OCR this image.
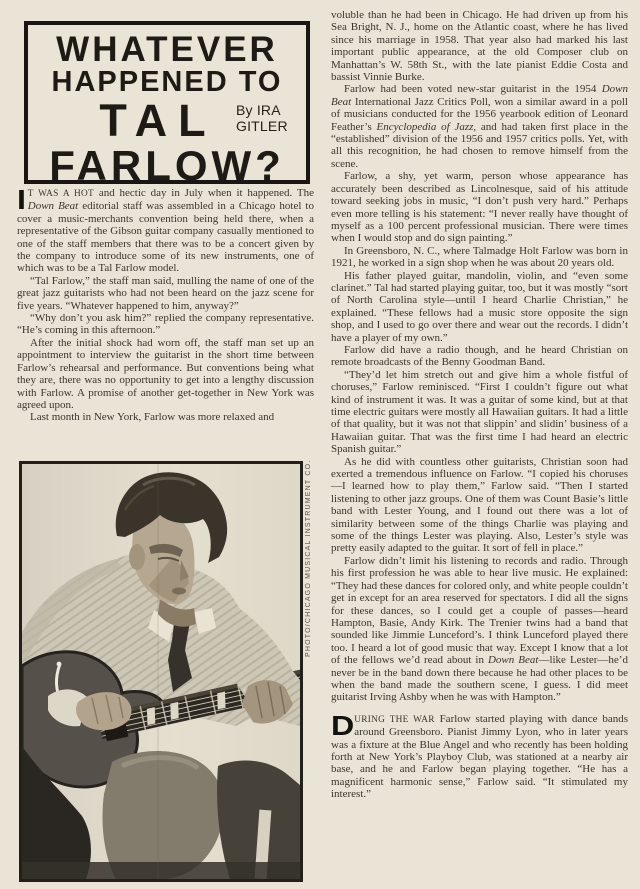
WHATEVER
HAPPENED TO
TAL	By IRA GITLER
FARLOW?

I T WAS A HOT and hectic day in July when it happened. The Down Beat editorial staff was assembled in a Chicago hotel to cover a music-merchants convention being held there, when a representative of the Gibson guitar company casually mentioned to one of the staff members that there was to be a concert given by the company to introduce some of its new instruments, one of which was to be a Tal Farlow model.

“Tal Farlow,” the staff man said, mulling the name of one of the great jazz guitarists who had not been heard on the jazz scene for five years. “Whatever happened to him, anyway?”

“Why don’t you ask him?” replied the company representative. “He’s coming in this afternoon.”

After the initial shock had worn off, the staff man set up an appointment to interview the guitarist in the short time between Farlow’s rehearsal and performance. But conventions being what they are, there was no opportunity to get into a lengthy discussion with Farlow. A promise of another get-together in New York was agreed upon.

Last month in New York, Farlow was more relaxed and

PHOTO/CHICAGO MUSICAL INSTRUMENT CO.

voluble than he had been in Chicago. He had driven up from his Sea Bright, N. J., home on the Atlantic coast, where he has lived since his marriage in 1958. That year also had marked his last important public appearance, at the old Composer club on Manhattan’s W. 58th St., with the late pianist Eddie Costa and bassist Vinnie Burke.

Farlow had been voted new-star guitarist in the 1954 Down Beat International Jazz Critics Poll, won a similar award in a poll of musicians conducted for the 1956 yearbook edition of Leonard Feather’s Encyclopedia of Jazz, and had taken first place in the “established” division of the 1956 and 1957 critics polls. Yet, with all this recognition, he had chosen to remove himself from the scene.

Farlow, a shy, yet warm, person whose appearance has accurately been described as Lincolnesque, said of his attitude toward seeking jobs in music, “I don’t push very hard.” Perhaps even more telling is his statement: “I never really have thought of myself as a 100 percent professional musician. There were times when I would stop and do sign painting.”

In Greensboro, N. C., where Talmadge Holt Farlow was born in 1921, he worked in a sign shop when he was about 20 years old.

His father played guitar, mandolin, violin, and “even some clarinet.” Tal had started playing guitar, too, but it was mostly “sort of North Carolina style—until I heard Charlie Christian,” he explained. “These fellows had a music store opposite the sign shop, and I used to go over there and wear out the records. I didn’t have a player of my own.”

Farlow did have a radio though, and he heard Christian on remote broadcasts of the Benny Goodman Band.

“They’d let him stretch out and give him a whole fistful of choruses,” Farlow reminisced. “First I couldn’t figure out what kind of instrument it was. It was a guitar of some kind, but at that time electric guitars were mostly all Hawaiian guitars. It had a little of that quality, but it was not that slippin’ and slidin’ business of a Hawaiian guitar. That was the first time I had heard an electric Spanish guitar.”

As he did with countless other guitarists, Christian soon had exerted a tremendous influence on Farlow. “I copied his choruses—I learned how to play them,” Farlow said. “Then I started listening to other jazz groups. One of them was Count Basie’s little band with Lester Young, and I found out there was a lot of similarity between some of the things Charlie was playing and some of the things Lester was playing. Also, Lester’s style was pretty easily adapted to the guitar. It sort of fell in place.”

Farlow didn’t limit his listening to records and radio. Through his first profession he was able to hear live music. He explained: “They had these dances for colored only, and white people couldn’t get in except for an area reserved for spectators. I did all the signs for these dances, so I could get a couple of passes—heard Hampton, Basie, Andy Kirk. The Trenier twins had a band that sounded like Jimmie Lunceford’s. I think Lunceford played there too. I heard a lot of good music that way. Except I know that a lot of the fellows we’d read about in Down Beat—like Lester—he’d never be in the band down there because he had other places to be when the band made the southern scene, I guess. I did meet guitarist Irving Ashby when he was with Hampton.”

DURING THE WAR Farlow started playing with dance bands around Greensboro. Pianist Jimmy Lyon, who in later years was a fixture at the Blue Angel and who recently has been holding forth at New York’s Playboy Club, was stationed at a nearby air base, and he and Farlow began playing together. “He has a magnificent harmonic sense,” Farlow said. “It stimulated my interest.”
